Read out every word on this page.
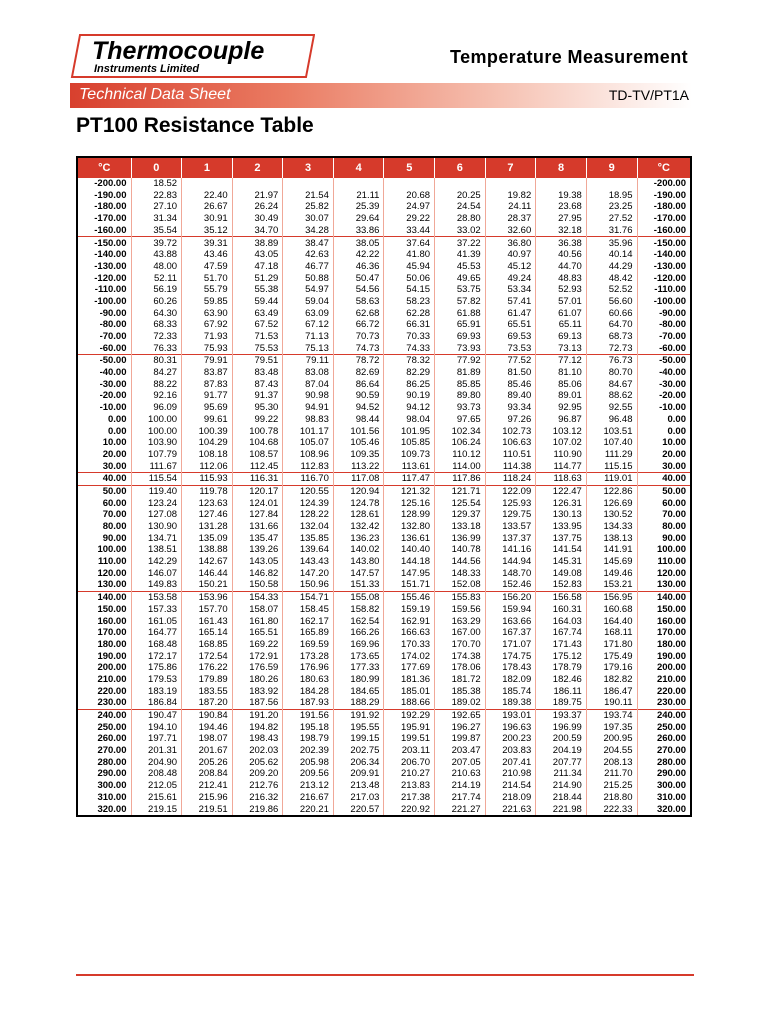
Thermocouple
Instruments Limited
Temperature Measurement
Technical Data Sheet	TD-TV/PT1A
PT100 Resistance Table
°C	0	1	2	3	4	5	6	7	8	9	°C
-200.00	18.52										-200.00
-190.00	22.83	22.40	21.97	21.54	21.11	20.68	20.25	19.82	19.38	18.95	-190.00
-180.00	27.10	26.67	26.24	25.82	25.39	24.97	24.54	24.11	23.68	23.25	-180.00
-170.00	31.34	30.91	30.49	30.07	29.64	29.22	28.80	28.37	27.95	27.52	-170.00
-160.00	35.54	35.12	34.70	34.28	33.86	33.44	33.02	32.60	32.18	31.76	-160.00
-150.00	39.72	39.31	38.89	38.47	38.05	37.64	37.22	36.80	36.38	35.96	-150.00
-140.00	43.88	43.46	43.05	42.63	42.22	41.80	41.39	40.97	40.56	40.14	-140.00
-130.00	48.00	47.59	47.18	46.77	46.36	45.94	45.53	45.12	44.70	44.29	-130.00
-120.00	52.11	51.70	51.29	50.88	50.47	50.06	49.65	49.24	48.83	48.42	-120.00
-110.00	56.19	55.79	55.38	54.97	54.56	54.15	53.75	53.34	52.93	52.52	-110.00
-100.00	60.26	59.85	59.44	59.04	58.63	58.23	57.82	57.41	57.01	56.60	-100.00
-90.00	64.30	63.90	63.49	63.09	62.68	62.28	61.88	61.47	61.07	60.66	-90.00
-80.00	68.33	67.92	67.52	67.12	66.72	66.31	65.91	65.51	65.11	64.70	-80.00
-70.00	72.33	71.93	71.53	71.13	70.73	70.33	69.93	69.53	69.13	68.73	-70.00
-60.00	76.33	75.93	75.53	75.13	74.73	74.33	73.93	73.53	73.13	72.73	-60.00
-50.00	80.31	79.91	79.51	79.11	78.72	78.32	77.92	77.52	77.12	76.73	-50.00
-40.00	84.27	83.87	83.48	83.08	82.69	82.29	81.89	81.50	81.10	80.70	-40.00
-30.00	88.22	87.83	87.43	87.04	86.64	86.25	85.85	85.46	85.06	84.67	-30.00
-20.00	92.16	91.77	91.37	90.98	90.59	90.19	89.80	89.40	89.01	88.62	-20.00
-10.00	96.09	95.69	95.30	94.91	94.52	94.12	93.73	93.34	92.95	92.55	-10.00
0.00	100.00	99.61	99.22	98.83	98.44	98.04	97.65	97.26	96.87	96.48	0.00
0.00	100.00	100.39	100.78	101.17	101.56	101.95	102.34	102.73	103.12	103.51	0.00
10.00	103.90	104.29	104.68	105.07	105.46	105.85	106.24	106.63	107.02	107.40	10.00
20.00	107.79	108.18	108.57	108.96	109.35	109.73	110.12	110.51	110.90	111.29	20.00
30.00	111.67	112.06	112.45	112.83	113.22	113.61	114.00	114.38	114.77	115.15	30.00
40.00	115.54	115.93	116.31	116.70	117.08	117.47	117.86	118.24	118.63	119.01	40.00
50.00	119.40	119.78	120.17	120.55	120.94	121.32	121.71	122.09	122.47	122.86	50.00
60.00	123.24	123.63	124.01	124.39	124.78	125.16	125.54	125.93	126.31	126.69	60.00
70.00	127.08	127.46	127.84	128.22	128.61	128.99	129.37	129.75	130.13	130.52	70.00
80.00	130.90	131.28	131.66	132.04	132.42	132.80	133.18	133.57	133.95	134.33	80.00
90.00	134.71	135.09	135.47	135.85	136.23	136.61	136.99	137.37	137.75	138.13	90.00
100.00	138.51	138.88	139.26	139.64	140.02	140.40	140.78	141.16	141.54	141.91	100.00
110.00	142.29	142.67	143.05	143.43	143.80	144.18	144.56	144.94	145.31	145.69	110.00
120.00	146.07	146.44	146.82	147.20	147.57	147.95	148.33	148.70	149.08	149.46	120.00
130.00	149.83	150.21	150.58	150.96	151.33	151.71	152.08	152.46	152.83	153.21	130.00
140.00	153.58	153.96	154.33	154.71	155.08	155.46	155.83	156.20	156.58	156.95	140.00
150.00	157.33	157.70	158.07	158.45	158.82	159.19	159.56	159.94	160.31	160.68	150.00
160.00	161.05	161.43	161.80	162.17	162.54	162.91	163.29	163.66	164.03	164.40	160.00
170.00	164.77	165.14	165.51	165.89	166.26	166.63	167.00	167.37	167.74	168.11	170.00
180.00	168.48	168.85	169.22	169.59	169.96	170.33	170.70	171.07	171.43	171.80	180.00
190.00	172.17	172.54	172.91	173.28	173.65	174.02	174.38	174.75	175.12	175.49	190.00
200.00	175.86	176.22	176.59	176.96	177.33	177.69	178.06	178.43	178.79	179.16	200.00
210.00	179.53	179.89	180.26	180.63	180.99	181.36	181.72	182.09	182.46	182.82	210.00
220.00	183.19	183.55	183.92	184.28	184.65	185.01	185.38	185.74	186.11	186.47	220.00
230.00	186.84	187.20	187.56	187.93	188.29	188.66	189.02	189.38	189.75	190.11	230.00
240.00	190.47	190.84	191.20	191.56	191.92	192.29	192.65	193.01	193.37	193.74	240.00
250.00	194.10	194.46	194.82	195.18	195.55	195.91	196.27	196.63	196.99	197.35	250.00
260.00	197.71	198.07	198.43	198.79	199.15	199.51	199.87	200.23	200.59	200.95	260.00
270.00	201.31	201.67	202.03	202.39	202.75	203.11	203.47	203.83	204.19	204.55	270.00
280.00	204.90	205.26	205.62	205.98	206.34	206.70	207.05	207.41	207.77	208.13	280.00
290.00	208.48	208.84	209.20	209.56	209.91	210.27	210.63	210.98	211.34	211.70	290.00
300.00	212.05	212.41	212.76	213.12	213.48	213.83	214.19	214.54	214.90	215.25	300.00
310.00	215.61	215.96	216.32	216.67	217.03	217.38	217.74	218.09	218.44	218.80	310.00
320.00	219.15	219.51	219.86	220.21	220.57	220.92	221.27	221.63	221.98	222.33	320.00
